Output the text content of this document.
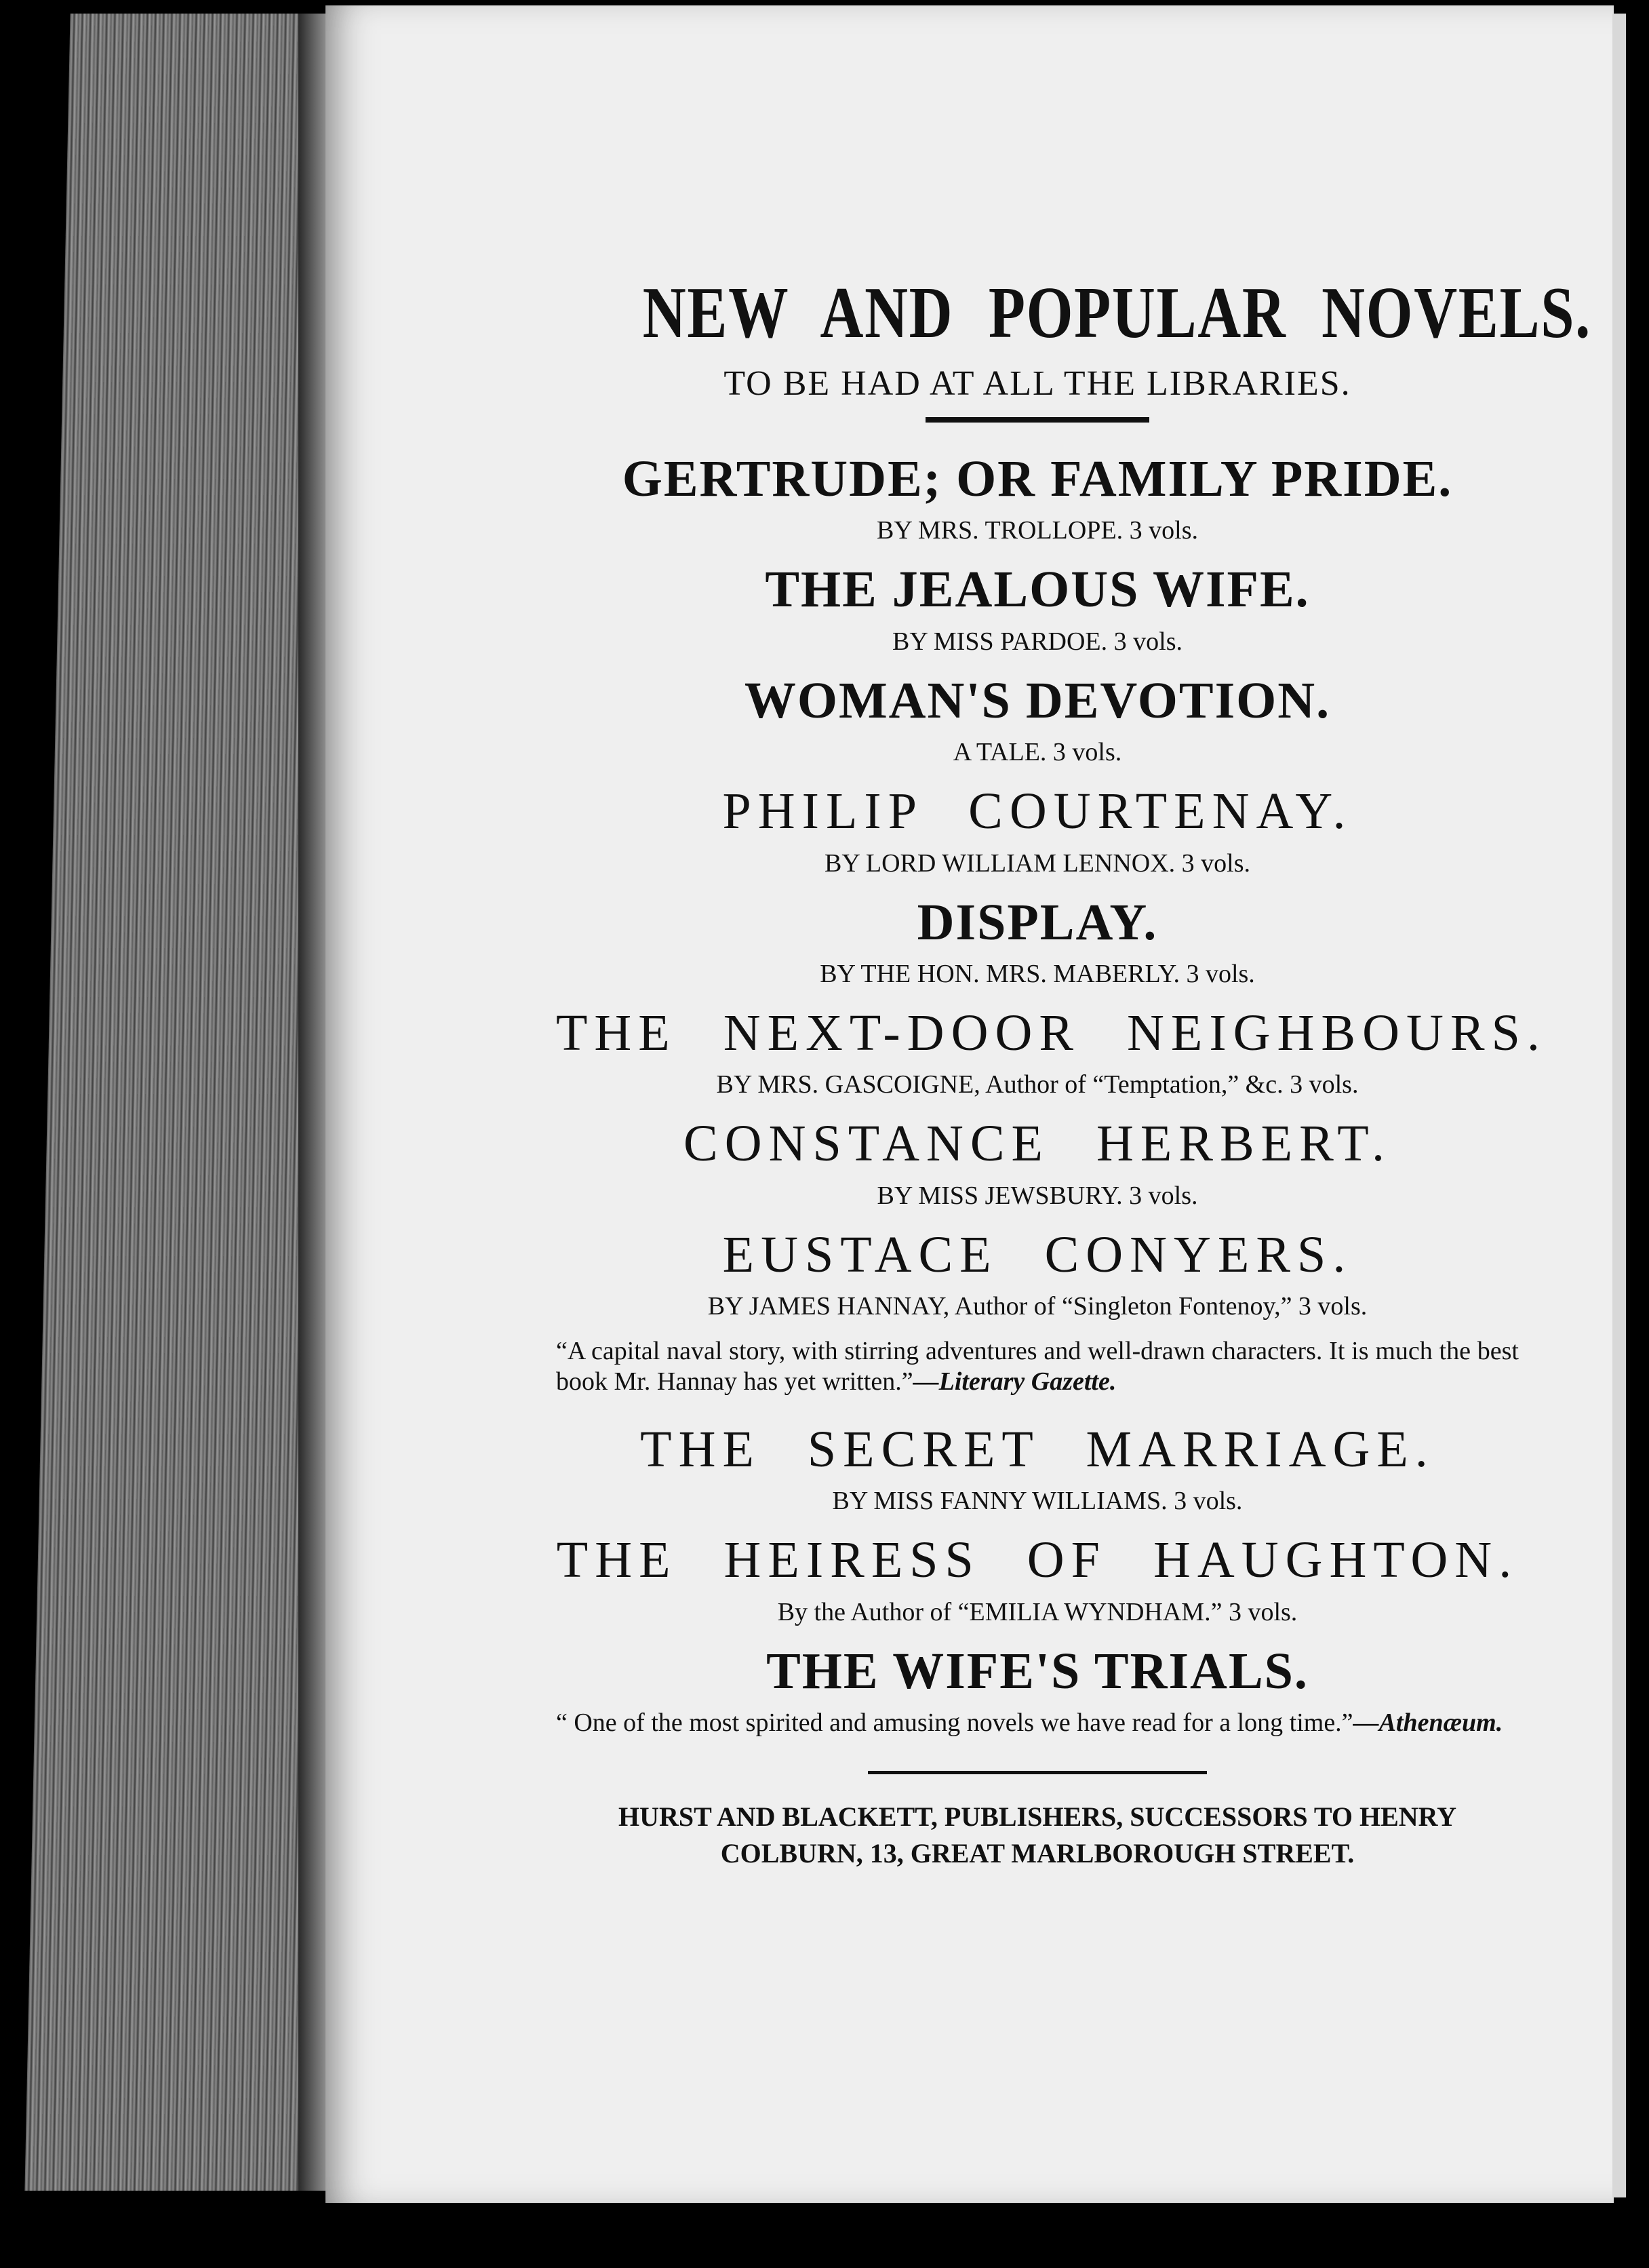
NEW AND POPULAR NOVELS.
TO BE HAD AT ALL THE LIBRARIES.
GERTRUDE; OR FAMILY PRIDE.
BY MRS. TROLLOPE. 3 vols.
THE JEALOUS WIFE.
BY MISS PARDOE. 3 vols.
WOMAN'S DEVOTION.
A TALE. 3 vols.
PHILIP COURTENAY.
BY LORD WILLIAM LENNOX. 3 vols.
DISPLAY.
BY THE HON. MRS. MABERLY. 3 vols.
THE NEXT-DOOR NEIGHBOURS.
BY MRS. GASCOIGNE, Author of “Temptation,” &c. 3 vols.
CONSTANCE HERBERT.
BY MISS JEWSBURY. 3 vols.
EUSTACE CONYERS.
BY JAMES HANNAY, Author of “Singleton Fontenoy,” 3 vols.
“A capital naval story, with stirring adventures and well-drawn characters. It is much the best book Mr. Hannay has yet written.”—Literary Gazette.
THE SECRET MARRIAGE.
BY MISS FANNY WILLIAMS. 3 vols.
THE HEIRESS OF HAUGHTON.
By the Author of “EMILIA WYNDHAM.” 3 vols.
THE WIFE'S TRIALS.
“ One of the most spirited and amusing novels we have read for a long time.”—Athenæum.
HURST AND BLACKETT, PUBLISHERS, SUCCESSORS TO HENRY
COLBURN, 13, GREAT MARLBOROUGH STREET.
